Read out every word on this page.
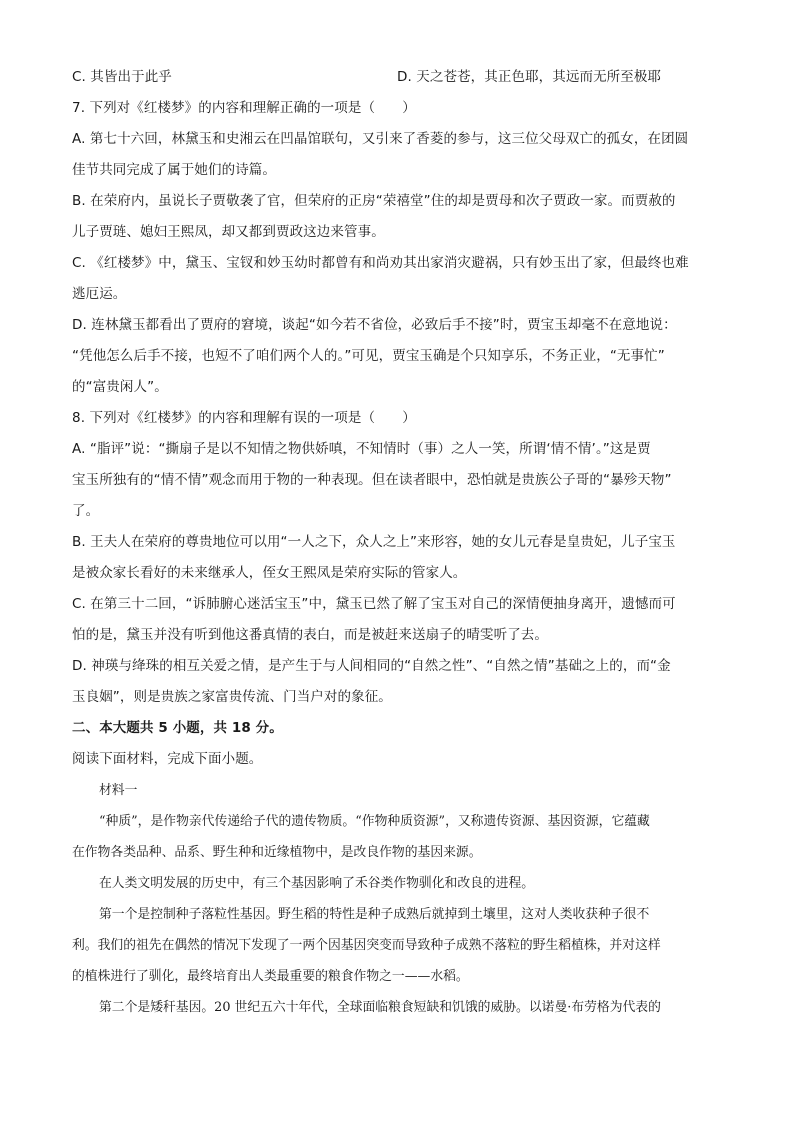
C. 其皆出于此乎	D. 天之苍苍，其正色耶，其远而无所至极耶
7. 下列对《红楼梦》的内容和理解正确的一项是（　　）
A. 第七十六回，林黛玉和史湘云在凹晶馆联句，又引来了香菱的参与，这三位父母双亡的孤女，在团圆
佳节共同完成了属于她们的诗篇。
B. 在荣府内，虽说长子贾敬袭了官，但荣府的正房“荣禧堂”住的却是贾母和次子贾政一家。而贾赦的
儿子贾琏、媳妇王熙凤，却又都到贾政这边来管事。
C. 《红楼梦》中，黛玉、宝钗和妙玉幼时都曾有和尚劝其出家消灾避祸，只有妙玉出了家，但最终也难
逃厄运。
D. 连林黛玉都看出了贾府的窘境，谈起“如今若不省俭，必致后手不接”时，贾宝玉却毫不在意地说：
“凭他怎么后手不接，也短不了咱们两个人的。”可见，贾宝玉确是个只知享乐，不务正业，“无事忙”
的“富贵闲人”。
8. 下列对《红楼梦》的内容和理解有误的一项是（　　）
A. “脂评”说：“撕扇子是以不知情之物供娇嗔，不知情时（事）之人一笑，所谓‘情不情’。”这是贾
宝玉所独有的“情不情”观念而用于物的一种表现。但在读者眼中，恐怕就是贵族公子哥的“暴殄天物”
了。
B. 王夫人在荣府的尊贵地位可以用“一人之下，众人之上”来形容，她的女儿元春是皇贵妃，儿子宝玉
是被众家长看好的未来继承人，侄女王熙凤是荣府实际的管家人。
C. 在第三十二回，“诉肺腑心迷活宝玉”中，黛玉已然了解了宝玉对自己的深情便抽身离开，遗憾而可
怕的是，黛玉并没有听到他这番真情的表白，而是被赶来送扇子的晴雯听了去。
D. 神瑛与绛珠的相互关爱之情，是产生于与人间相同的“自然之性”、“自然之情”基础之上的，而“金
玉良姻”，则是贵族之家富贵传流、门当户对的象征。
二、本大题共 5 小题，共 18 分。
阅读下面材料，完成下面小题。
材料一
“种质”，是作物亲代传递给子代的遗传物质。“作物种质资源”，又称遗传资源、基因资源，它蕴藏
在作物各类品种、品系、野生种和近缘植物中，是改良作物的基因来源。
在人类文明发展的历史中，有三个基因影响了禾谷类作物驯化和改良的进程。
第一个是控制种子落粒性基因。野生稻的特性是种子成熟后就掉到土壤里，这对人类收获种子很不
利。我们的祖先在偶然的情况下发现了一两个因基因突变而导致种子成熟不落粒的野生稻植株，并对这样
的植株进行了驯化，最终培育出人类最重要的粮食作物之一——水稻。
第二个是矮秆基因。20 世纪五六十年代，全球面临粮食短缺和饥饿的威胁。以诺曼·布劳格为代表的
